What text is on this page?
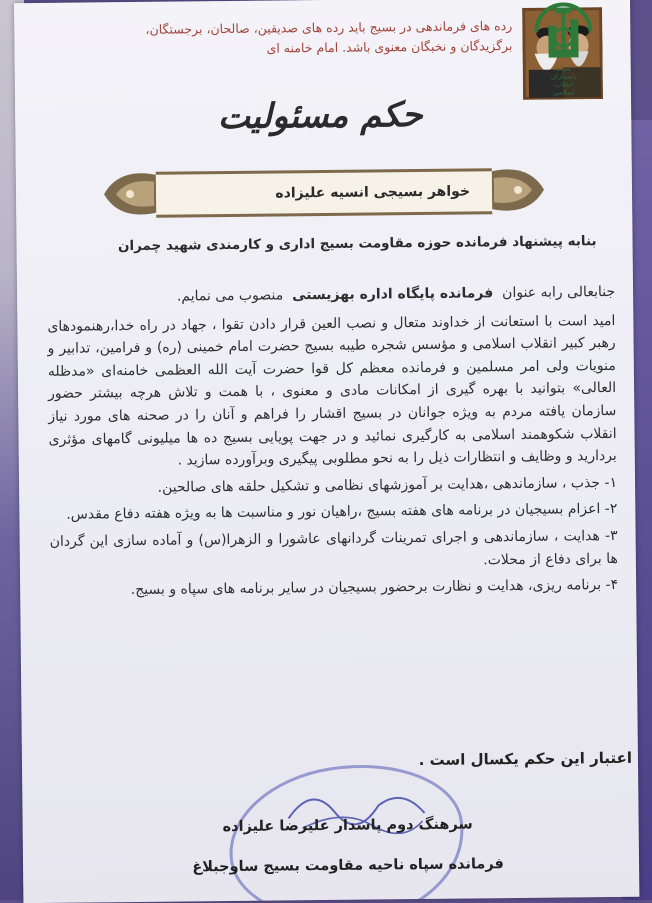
رده های فرماندهی در بسیج باید رده های صدیقین، صالحان، برجستگان، برگزیدگان و نخبگان معنوی باشد. امام خامنه ای
سپاه
پاسداران
انقلاب
اسلامی
حکم مسئولیت
خواهر بسیجی انسیه علیزاده
بنابه پیشنهاد فرمانده حوزه مقاومت بسیج اداری و کارمندی شهید چمران

جنابعالی رابه عنوان  فرمانده پایگاه اداره بهزیستی  منصوب می نمایم.

امید است با استعانت از خداوند متعال و نصب العین قرار دادن تقوا ، جهاد در راه خدا،رهنمودهای رهبر کبیر انقلاب اسلامی و مؤسس شجره طیبه بسیج حضرت امام خمینی (ره) و فرامین، تدابیر و منویات ولی امر مسلمین و فرمانده معظم کل قوا حضرت آیت الله العظمی خامنه‌ای «مدظله العالی» بتوانید با بهره گیری از امکانات مادی و معنوی ، با همت و تلاش هرچه بیشتر حضور سازمان یافته مردم به ویژه جوانان در بسیج اقشار را فراهم و آنان را در صحنه های مورد نیاز انقلاب شکوهمند اسلامی به کارگیری نمائید و در جهت پویایی بسیج ده ها میلیونی گامهای مؤثری بردارید و وظایف و انتظارات ذیل را به نحو مطلوبی پیگیری وبرآورده سازید .

۱- جذب ، سازماندهی ،هدایت بر آموزشهای نظامی و تشکیل حلقه های صالحین.

۲- اعزام بسیجیان در برنامه های هفته بسیج ،راهیان نور و مناسبت ها به ویژه هفته دفاع مقدس.

۳- هدایت ، سازماندهی و اجرای تمرینات گردانهای عاشورا و الزهرا(س) و آماده سازی این گردان ها برای دفاع از محلات.

۴- برنامه ریزی، هدایت و نظارت برحضور بسیجیان در سایر برنامه های سپاه و بسیج.

اعتبار این حکم یکسال است .
سرهنگ دوم پاسدار علیرضا علیزاده
فرمانده سپاه ناحیه مقاومت بسیج ساوجبلاغ
